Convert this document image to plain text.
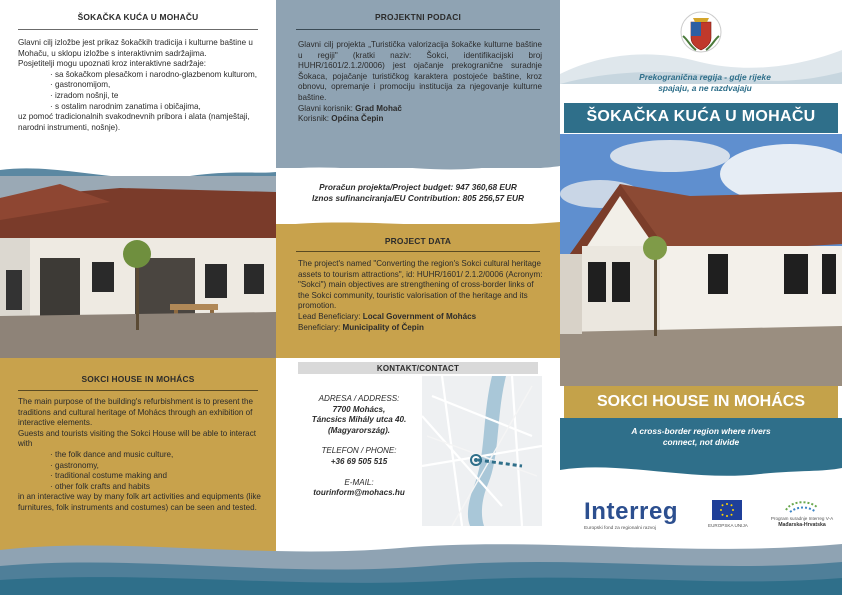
ŠOKAČKA KUĆA U MOHAČU
Glavni cilj izložbe jest prikaz šokačkih tradicija i kulturne baštine u Mohaču, u sklopu izložbe s interaktivnim sadržajima.
Posjetitelji mogu upoznati kroz interaktivne sadržaje:
· sa šokačkom plesačkom i narodno-glazbenom kulturom,
· gastronomijom,
· izradom nošnji, te
· s ostalim narodnim zanatima i običajima,
uz pomoć tradicionalnih svakodnevnih pribora i alata (namještaji, narodni instrumenti, nošnje).
SOKCI HOUSE IN MOHÁCS
The main purpose of the building's refurbishment is to present the traditions and cultural heritage of Mohács through an exhibition of interactive elements.
Guests and tourists visiting the Sokci House will be able to interact with
· the folk dance and music culture,
· gastronomy,
· traditional costume making and
· other folk crafts and habits
in an interactive way by many folk art activities and equipments (like furnitures, folk instruments and costumes) can be seen and tested.
PROJEKTNI PODACI
Glavni cilj projekta „Turistička valorizacija šokačke kulturne baštine u regiji" (kratki naziv: Šokci, identifikacijski broj HUHR/1601/2.1.2/0006) jest ojačanje prekogranične suradnje Šokaca, pojačanje turističkog karaktera postojeće baštine, kroz obnovu, opremanje i promociju institucija za njegovanje kulturne baštine.
Glavni korisnik: Grad Mohač
Korisnik: Općina Čepin
Proračun projekta/Project budget: 947 360,68 EUR
Iznos sufinanciranja/EU Contribution: 805 256,57 EUR
PROJECT DATA
The project's named "Converting the region's Sokci cultural heritage assets to tourism attractions", id: HUHR/1601/ 2.1.2/0006 (Acronym: "Sokci") main objectives are strengthening of cross-border links of the Sokci community, touristic valorisation of the heritage and its promotion.
Lead Beneficiary: Local Government of Mohács
Beneficiary: Municipality of Čepin
KONTAKT/CONTACT
ADRESA / ADDRESS:
7700 Mohács,
Táncsics Mihály utca 40.
(Magyarország).
TELEFON / PHONE:
+36 69 505 515
E-MAIL:
tourinform@mohacs.hu
Prekogranična regija - gdje rijeke
spajaju, a ne razdvajaju
ŠOKAČKA KUĆA U MOHAČU
SOKCI HOUSE IN MOHÁCS
A cross-border region where rivers
connect, not divide
Interreg
Europski fond za regionalni razvoj
EUROPSKA UNIJA
Program suradnje Interreg V-A
Mađarska-Hrvatska
